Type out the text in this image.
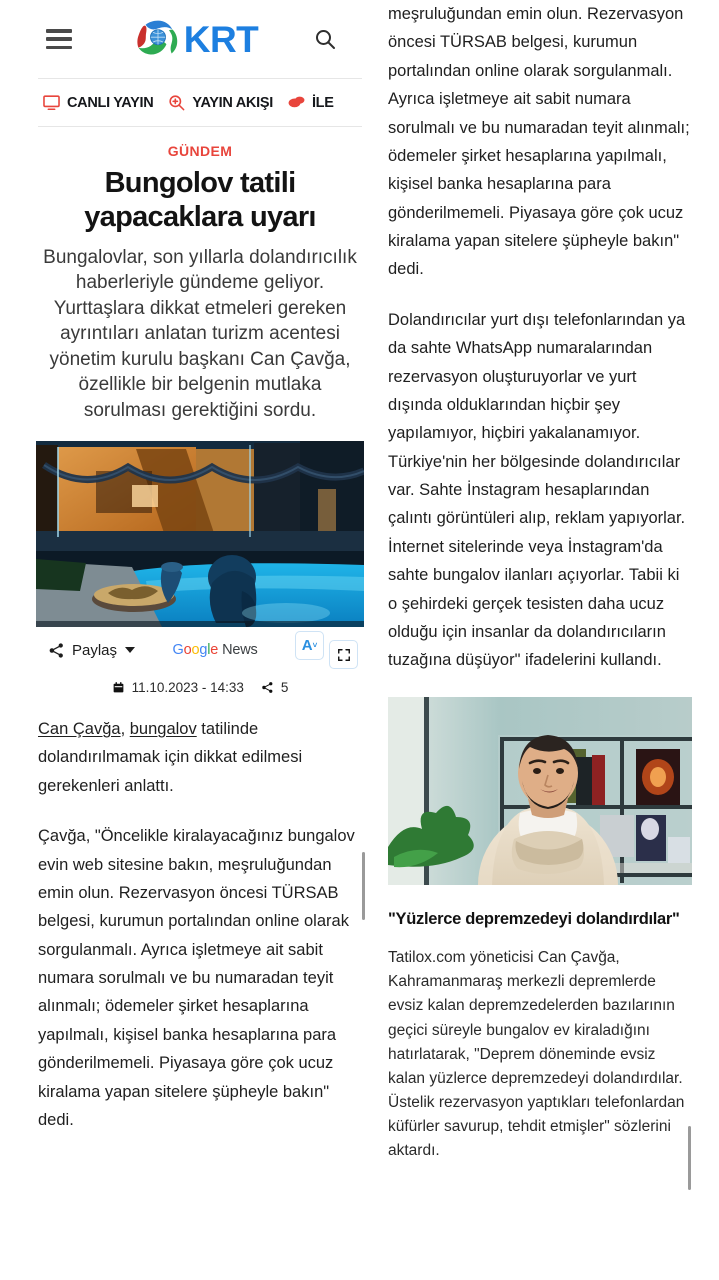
KRT
CANLI YAYIN	YAYIN AKIŞI	İLE
GÜNDEM
Bungolov tatili yapacaklara uyarı

Bungalovlar, son yıllarla dolandırıcılık haberleriyle gündeme geliyor. Yurttaşlara dikkat etmeleri gereken ayrıntıları anlatan turizm acentesi yönetim kurulu başkanı Can Çavğa, özellikle bir belgenin mutlaka sorulması gerektiğini sordu.

Paylaş	G o o g l e News	A ˅
11.10.2023 - 14:33	5

Can Çavğa, bungalov tatilinde dolandırılmamak için dikkat edilmesi gerekenleri anlattı.

Çavğa, "Öncelikle kiralayacağınız bungalov evin web sitesine bakın, meşruluğundan emin olun. Rezervasyon öncesi TÜRSAB belgesi, kurumun portalından online olarak sorgulanmalı. Ayrıca işletmeye ait sabit numara sorulmalı ve bu numaradan teyit alınmalı; ödemeler şirket hesaplarına yapılmalı, kişisel banka hesaplarına para gönderilmemeli. Piyasaya göre çok ucuz kiralama yapan sitelere şüpheyle bakın" dedi.

meşruluğundan emin olun. Rezervasyon öncesi TÜRSAB belgesi, kurumun portalından online olarak sorgulanmalı. Ayrıca işletmeye ait sabit numara sorulmalı ve bu numaradan teyit alınmalı; ödemeler şirket hesaplarına yapılmalı, kişisel banka hesaplarına para gönderilmemeli. Piyasaya göre çok ucuz kiralama yapan sitelere şüpheyle bakın" dedi.

Dolandırıcılar yurt dışı telefonlarından ya da sahte WhatsApp numaralarından rezervasyon oluşturuyorlar ve yurt dışında olduklarından hiçbir şey yapılamıyor, hiçbiri yakalanamıyor. Türkiye'nin her bölgesinde dolandırıcılar var. Sahte İnstagram hesaplarından çalıntı görüntüleri alıp, reklam yapıyorlar. İnternet sitelerinde veya İnstagram'da sahte bungalov ilanları açıyorlar. Tabii ki o şehirdeki gerçek tesisten daha ucuz olduğu için insanlar da dolandırıcıların tuzağına düşüyor" ifadelerini kullandı.

"Yüzlerce depremzedeyi dolandırdılar"

Tatilox.com yöneticisi Can Çavğa, Kahramanmaraş merkezli depremlerde evsiz kalan depremzedelerden bazılarının geçici süreyle bungalov ev kiraladığını hatırlatarak, "Deprem döneminde evsiz kalan yüzlerce depremzedeyi dolandırdılar. Üstelik rezervasyon yaptıkları telefonlardan küfürler savurup, tehdit etmişler" sözlerini aktardı.
